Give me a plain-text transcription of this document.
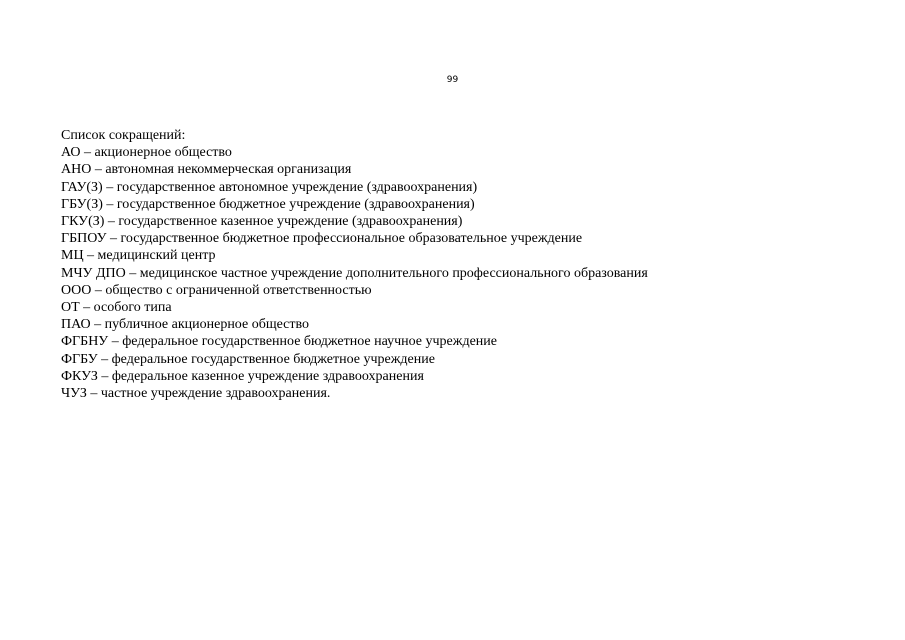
99
Список сокращений:
АО – акционерное общество
АНО – автономная некоммерческая организация
ГАУ(З) – государственное автономное учреждение (здравоохранения)
ГБУ(З) – государственное бюджетное учреждение (здравоохранения)
ГКУ(З) – государственное казенное учреждение (здравоохранения)
ГБПОУ – государственное бюджетное профессиональное образовательное учреждение
МЦ – медицинский центр
МЧУ ДПО – медицинское частное учреждение дополнительного профессионального образования
ООО – общество с ограниченной ответственностью
ОТ – особого типа
ПАО – публичное акционерное общество
ФГБНУ – федеральное государственное бюджетное научное учреждение
ФГБУ – федеральное государственное бюджетное учреждение
ФКУЗ – федеральное казенное учреждение здравоохранения
ЧУЗ – частное учреждение здравоохранения.
